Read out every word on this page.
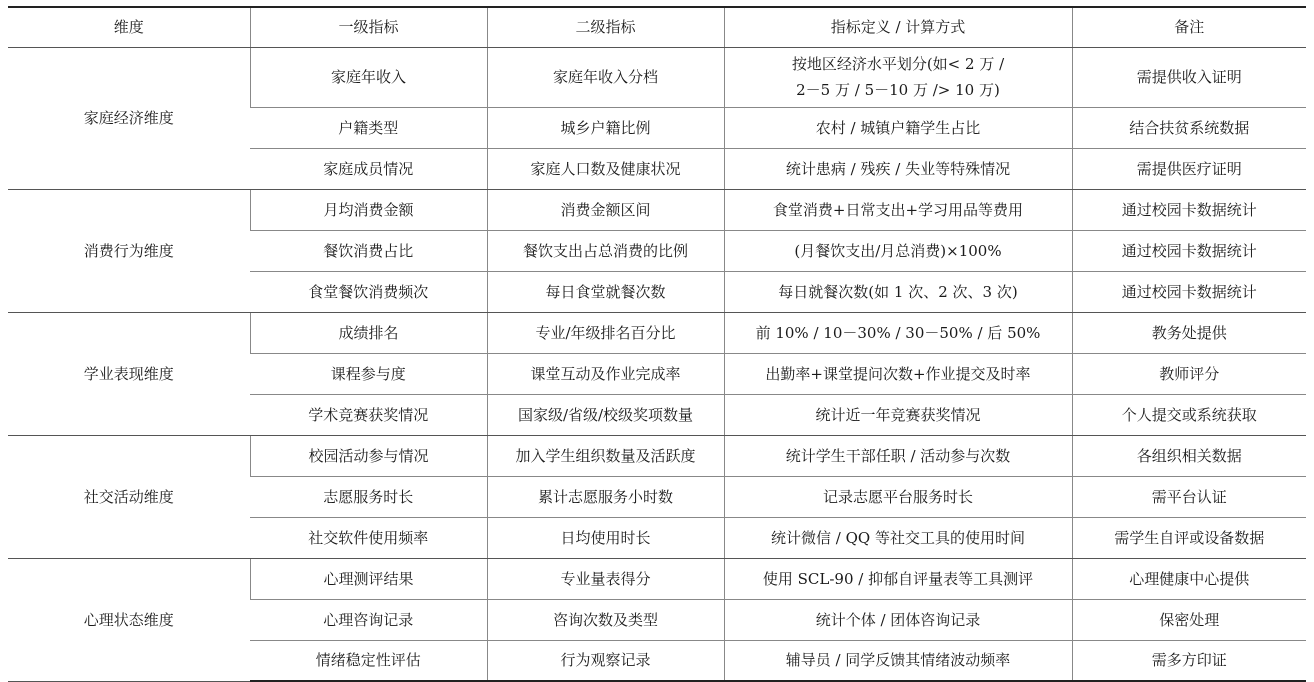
维度	一级指标	二级指标	指标定义 / 计算方式	备注
家庭经济维度	家庭年收入	家庭年收入分档	按地区经济水平划分(如< 2 万 /
2－5 万 / 5－10 万 /> 10 万)	需提供收入证明
	户籍类型	城乡户籍比例	农村 / 城镇户籍学生占比	结合扶贫系统数据
	家庭成员情况	家庭人口数及健康状况	统计患病 / 残疾 / 失业等特殊情况	需提供医疗证明
消费行为维度	月均消费金额	消费金额区间	食堂消费+日常支出+学习用品等费用	通过校园卡数据统计
	餐饮消费占比	餐饮支出占总消费的比例	(月餐饮支出/月总消费)×100%	通过校园卡数据统计
	食堂餐饮消费频次	每日食堂就餐次数	每日就餐次数(如 1 次、2 次、3 次)	通过校园卡数据统计
学业表现维度	成绩排名	专业/年级排名百分比	前 10% / 10－30% / 30－50% / 后 50%	教务处提供
	课程参与度	课堂互动及作业完成率	出勤率+课堂提问次数+作业提交及时率	教师评分
	学术竞赛获奖情况	国家级/省级/校级奖项数量	统计近一年竞赛获奖情况	个人提交或系统获取
社交活动维度	校园活动参与情况	加入学生组织数量及活跃度	统计学生干部任职 / 活动参与次数	各组织相关数据
	志愿服务时长	累计志愿服务小时数	记录志愿平台服务时长	需平台认证
	社交软件使用频率	日均使用时长	统计微信 / QQ 等社交工具的使用时间	需学生自评或设备数据
心理状态维度	心理测评结果	专业量表得分	使用 SCL-90 / 抑郁自评量表等工具测评	心理健康中心提供
	心理咨询记录	咨询次数及类型	统计个体 / 团体咨询记录	保密处理
	情绪稳定性评估	行为观察记录	辅导员 / 同学反馈其情绪波动频率	需多方印证
